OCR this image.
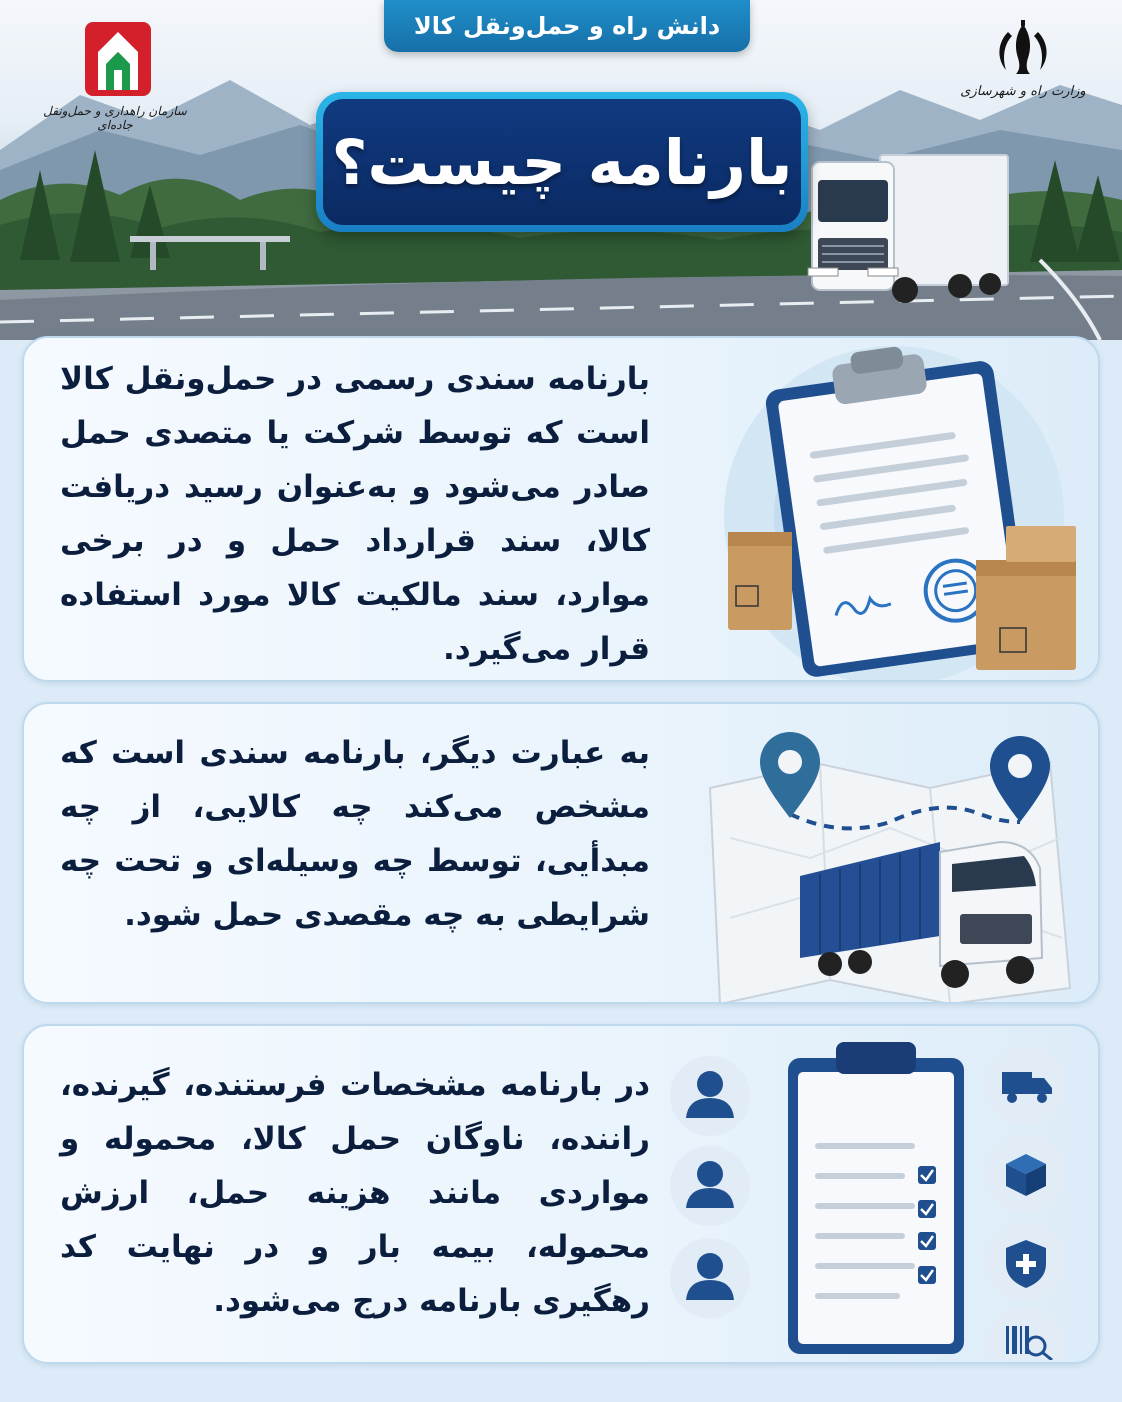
دانش راه و حمل‌ونقل کالا
سازمان راهداری و حمل‌ونقل جاده‌ای
وزارت راه و شهرسازی
بارنامه چیست؟
بارنامه سندی رسمی در حمل‌ونقل کالا است که توسط شرکت یا متصدی حمل صادر می‌شود و به‌عنوان رسید دریافت کالا، سند قرارداد حمل و در برخی موارد، سند مالکیت کالا مورد استفاده قرار می‌گیرد.
به عبارت دیگر، بارنامه سندی است که مشخص می‌کند چه کالایی، از چه مبدأیی، توسط چه وسیله‌ای و تحت چه شرایطی به چه مقصدی حمل شود.
در بارنامه مشخصات فرستنده، گیرنده، راننده، ناوگان حمل کالا، محموله و مواردی مانند هزینه حمل، ارزش محموله، بیمه بار و در نهایت کد رهگیری بارنامه درج می‌شود.
